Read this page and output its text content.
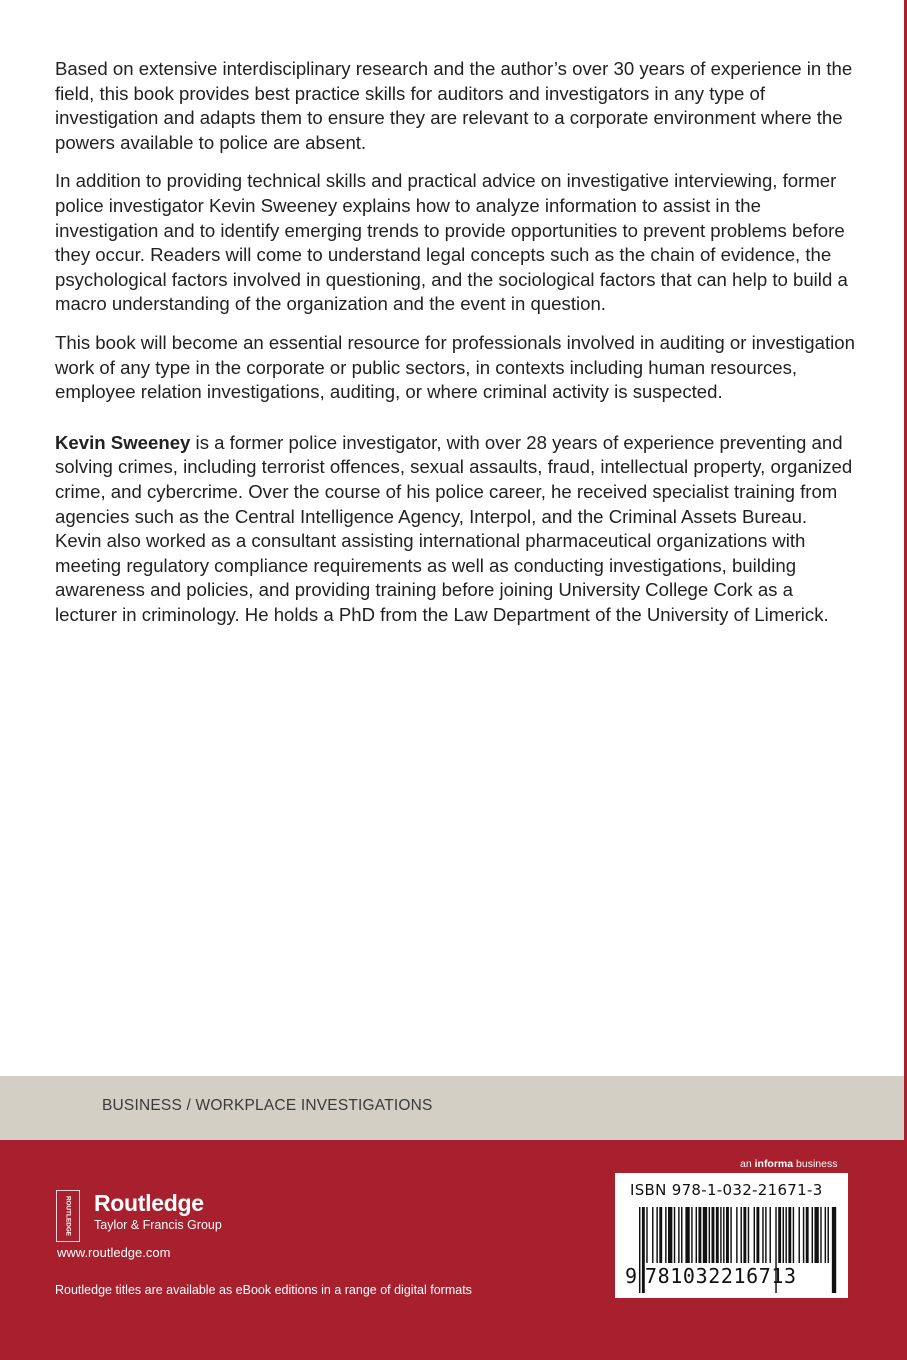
Based on extensive interdisciplinary research and the author’s over 30 years of experience in the field, this book provides best practice skills for auditors and investigators in any type of investigation and adapts them to ensure they are relevant to a corporate environment where the powers available to police are absent.

In addition to providing technical skills and practical advice on investigative interviewing, former police investigator Kevin Sweeney explains how to analyze information to assist in the investigation and to identify emerging trends to provide opportunities to prevent problems before they occur. Readers will come to understand legal concepts such as the chain of evidence, the psychological factors involved in questioning, and the sociological factors that can help to build a macro understanding of the organization and the event in question.

This book will become an essential resource for professionals involved in auditing or investigation work of any type in the corporate or public sectors, in contexts including human resources, employee relation investigations, auditing, or where criminal activity is suspected.

Kevin Sweeney is a former police investigator, with over 28 years of experience preventing and solving crimes, including terrorist offences, sexual assaults, fraud, intellectual property, organized crime, and cybercrime. Over the course of his police career, he received specialist training from agencies such as the Central Intelligence Agency, Interpol, and the Criminal Assets Bureau. Kevin also worked as a consultant assisting international pharmaceutical organizations with meeting regulatory compliance requirements as well as conducting investigations, building awareness and policies, and providing training before joining University College Cork as a lecturer in criminology. He holds a PhD from the Law Department of the University of Limerick.

BUSINESS / WORKPLACE INVESTIGATIONS
ROUTLEDGE Routledge
Taylor & Francis Group
www.routledge.com
Routledge titles are available as eBook editions in a range of digital formats
an informa business
ISBN 978-1-032-21671-3
9 781032216713
